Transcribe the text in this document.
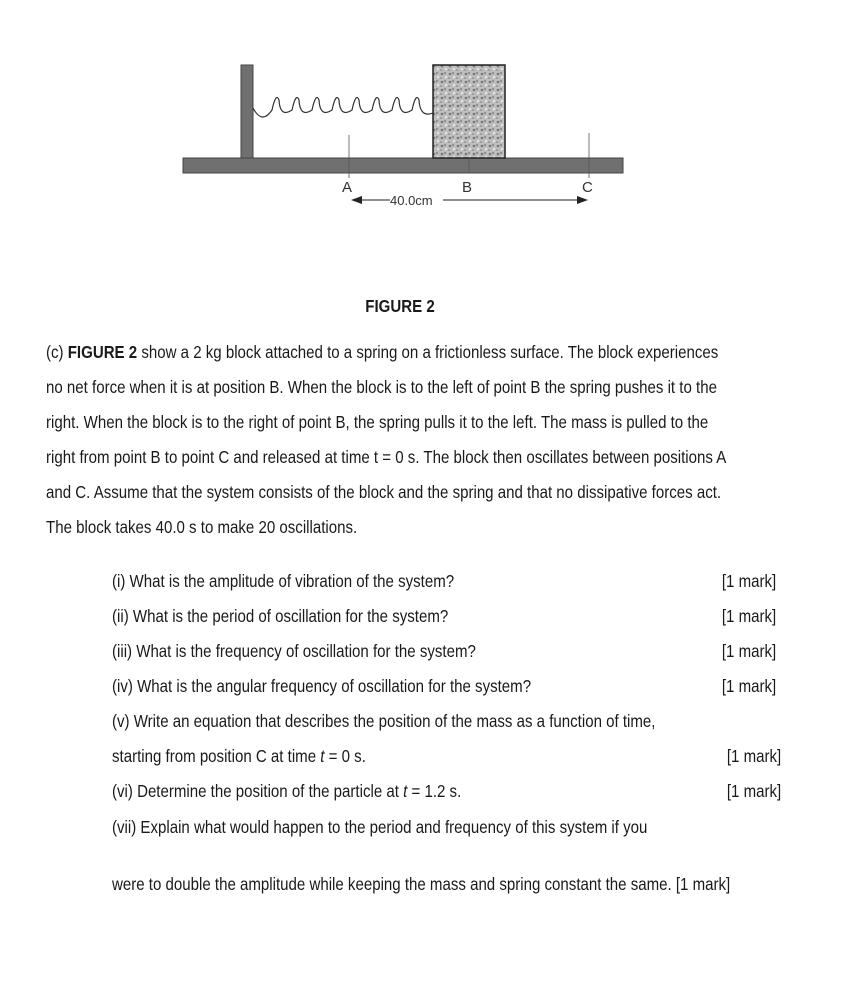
A	B	C
40.0cm
FIGURE 2
(c) FIGURE 2 show a 2 kg block attached to a spring on a frictionless surface. The block experiences
no net force when it is at position B. When the block is to the left of point B the spring pushes it to the
right. When the block is to the right of point B, the spring pulls it to the left. The mass is pulled to the
right from point B to point C and released at time t = 0 s. The block then oscillates between positions A
and C. Assume that the system consists of the block and the spring and that no dissipative forces act.
The block takes 40.0 s to make 20 oscillations.
(i) What is the amplitude of vibration of the system?	[1 mark]
(ii) What is the period of oscillation for the system?	[1 mark]
(iii) What is the frequency of oscillation for the system?	[1 mark]
(iv) What is the angular frequency of oscillation for the system?	[1 mark]
(v) Write an equation that describes the position of the mass as a function of time,
starting from position C at time t = 0 s.	[1 mark]
(vi) Determine the position of the particle at t = 1.2 s.	[1 mark]
(vii) Explain what would happen to the period and frequency of this system if you
were to double the amplitude while keeping the mass and spring constant the same. [1 mark]
